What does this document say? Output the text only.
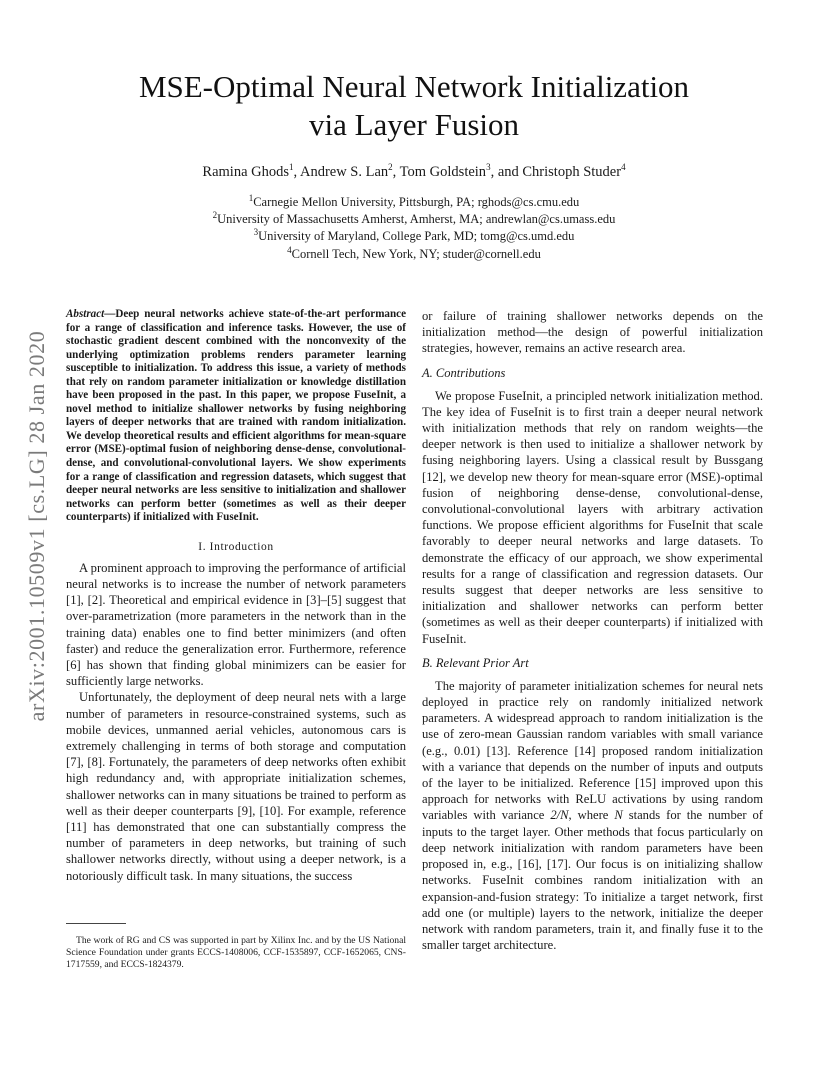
arXiv:2001.10509v1 [cs.LG] 28 Jan 2020
MSE-Optimal Neural Network Initialization
via Layer Fusion
Ramina Ghods$^1$, Andrew S. Lan$^2$, Tom Goldstein$^3$, and Christoph Studer$^4$
$^1$Carnegie Mellon University, Pittsburgh, PA; rghods@cs.cmu.edu
$^2$University of Massachusetts Amherst, Amherst, MA; andrewlan@cs.umass.edu
$^3$University of Maryland, College Park, MD; tomg@cs.umd.edu
$^4$Cornell Tech, New York, NY; studer@cornell.edu

Abstract—Deep neural networks achieve state-of-the-art performance for a range of classification and inference tasks. However, the use of stochastic gradient descent combined with the nonconvexity of the underlying optimization problems renders parameter learning susceptible to initialization. To address this issue, a variety of methods that rely on random parameter initialization or knowledge distillation have been proposed in the past. In this paper, we propose FuseInit, a novel method to initialize shallower networks by fusing neighboring layers of deeper networks that are trained with random initialization. We develop theoretical results and efficient algorithms for mean-square error (MSE)-optimal fusion of neighboring dense-dense, convolutional-dense, and convolutional-convolutional layers. We show experiments for a range of classification and regression datasets, which suggest that deeper neural networks are less sensitive to initialization and shallower networks can perform better (sometimes as well as their deeper counterparts) if initialized with FuseInit.

I. Introduction

A prominent approach to improving the performance of artificial neural networks is to increase the number of network parameters [1], [2]. Theoretical and empirical evidence in [3]–[5] suggest that over-parametrization (more parameters in the network than in the training data) enables one to find better minimizers (and often faster) and reduce the generalization error. Furthermore, reference [6] has shown that finding global minimizers can be easier for sufficiently large networks.

Unfortunately, the deployment of deep neural nets with a large number of parameters in resource-constrained systems, such as mobile devices, unmanned aerial vehicles, autonomous cars is extremely challenging in terms of both storage and computation [7], [8]. Fortunately, the parameters of deep networks often exhibit high redundancy and, with appropriate initialization schemes, shallower networks can in many situations be trained to perform as well as their deeper counterparts [9], [10]. For example, reference [11] has demonstrated that one can substantially compress the number of parameters in deep networks, but training of such shallower networks directly, without using a deeper network, is a notoriously difficult task. In many situations, the success

The work of RG and CS was supported in part by Xilinx Inc. and by the US National Science Foundation under grants ECCS-1408006, CCF-1535897, CCF-1652065, CNS-1717559, and ECCS-1824379.

or failure of training shallower networks depends on the initialization method—the design of powerful initialization strategies, however, remains an active research area.

A. Contributions

We propose FuseInit, a principled network initialization method. The key idea of FuseInit is to first train a deeper neural network with initialization methods that rely on random weights—the deeper network is then used to initialize a shallower network by fusing neighboring layers. Using a classical result by Bussgang [12], we develop new theory for mean-square error (MSE)-optimal fusion of neighboring dense-dense, convolutional-dense, convolutional-convolutional layers with arbitrary activation functions. We propose efficient algorithms for FuseInit that scale favorably to deeper neural networks and large datasets. To demonstrate the efficacy of our approach, we show experimental results for a range of classification and regression datasets. Our results suggest that deeper networks are less sensitive to initialization and shallower networks can perform better (sometimes as well as their deeper counterparts) if initialized with FuseInit.

B. Relevant Prior Art

The majority of parameter initialization schemes for neural nets deployed in practice rely on randomly initialized network parameters. A widespread approach to random initialization is the use of zero-mean Gaussian random variables with small variance (e.g., 0.01) [13]. Reference [14] proposed random initialization with a variance that depends on the number of inputs and outputs of the layer to be initialized. Reference [15] improved upon this approach for networks with ReLU activations by using random variables with variance 2/N, where N stands for the number of inputs to the target layer. Other methods that focus particularly on deep network initialization with random parameters have been proposed in, e.g., [16], [17]. Our focus is on initializing shallow networks. FuseInit combines random initialization with an expansion-and-fusion strategy: To initialize a target network, first add one (or multiple) layers to the network, initialize the deeper network with random parameters, train it, and finally fuse it to the smaller target architecture.
